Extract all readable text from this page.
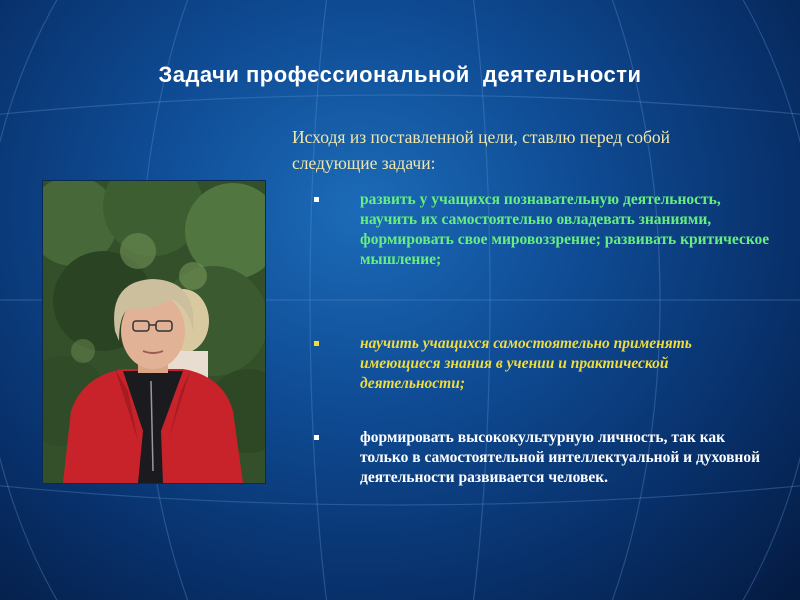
Задачи профессиональной  деятельности
Исходя из поставленной цели, ставлю перед собой следующие задачи:
развить у учащихся познавательную деятельность, научить их самостоятельно овладевать знаниями, формировать свое мировоззрение; развивать критическое мышление;
научить учащихся самостоятельно применять имеющиеся знания в учении и практической деятельности;
формировать высококультурную личность, так как только в самостоятельной интеллектуальной и духовной деятельности развивается человек.
